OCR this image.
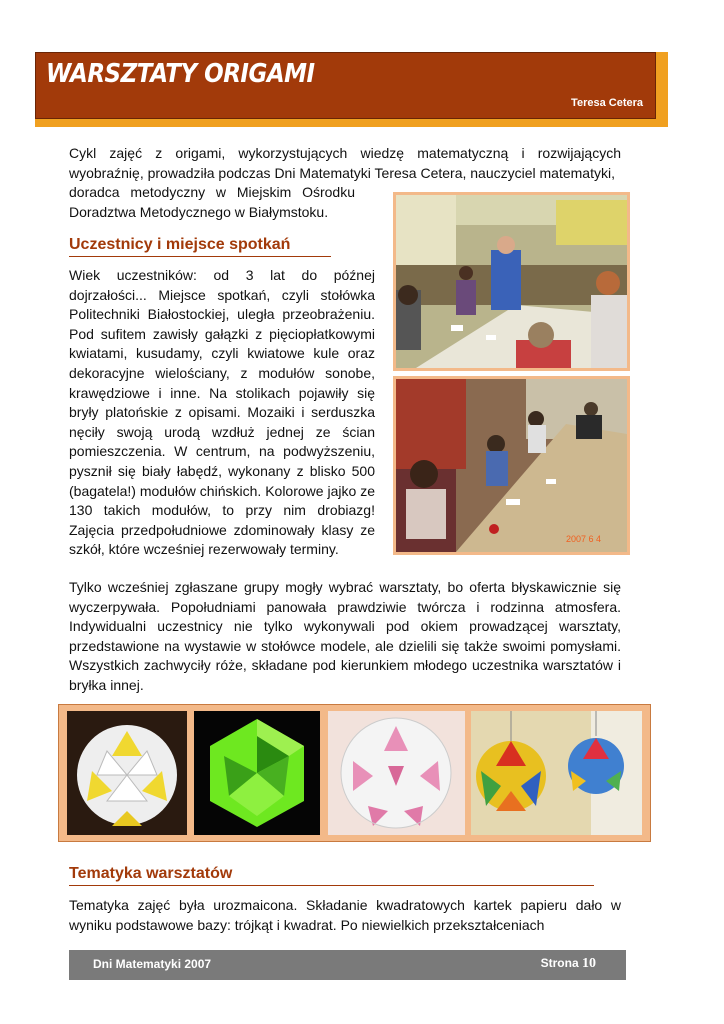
WARSZTATY ORIGAMI
Teresa Cetera

Cykl zajęć z origami, wykorzystujących wiedzę matematyczną i rozwijających wyobraźnię, prowadziła podczas Dni Matematyki Teresa Cetera, nauczyciel matematyki,

doradca metodyczny w Miejskim Ośrodku Doradztwa Metodycznego w Białymstoku.

Uczestnicy i miejsce spotkań

Wiek uczestników: od 3 lat do późnej dojrzałości... Miejsce spotkań, czyli stołówka Politechniki Białostockiej, uległa przeobrażeniu. Pod sufitem zawisły gałązki z pięciopłatkowymi kwiatami, kusudamy, czyli kwiatowe kule oraz dekoracyjne wielościany, z modułów sonobe, krawędziowe i inne. Na stolikach pojawiły się bryły platońskie z opisami. Mozaiki i serduszka nęciły swoją urodą wzdłuż jednej ze ścian pomieszczenia. W centrum, na podwyższeniu, pysznił się biały łabędź, wykonany z blisko 500 (bagatela!) modułów chińskich. Kolorowe jajko ze 130 takich modułów, to przy nim drobiazg! Zajęcia przedpołudniowe zdominowały klasy ze szkół, które wcześniej rezerwowały terminy.

Tylko wcześniej zgłaszane grupy mogły wybrać warsztaty, bo oferta błyskawicznie się wyczerpywała. Popołudniami panowała prawdziwie twórcza i rodzinna atmosfera. Indywidualni uczestnicy nie tylko wykonywali pod okiem prowadzącej warsztaty, przedstawione na wystawie w stołówce modele, ale dzielili się także swoimi pomysłami. Wszystkich zachwyciły róże, składane pod kierunkiem młodego uczestnika warsztatów i bryłka innej.

2007 6 4
Tematyka warsztatów

Tematyka zajęć była urozmaicona. Składanie kwadratowych kartek papieru dało w wyniku podstawowe bazy: trójkąt i kwadrat. Po niewielkich przekształceniach

Dni Matematyki 2007	Strona 10
